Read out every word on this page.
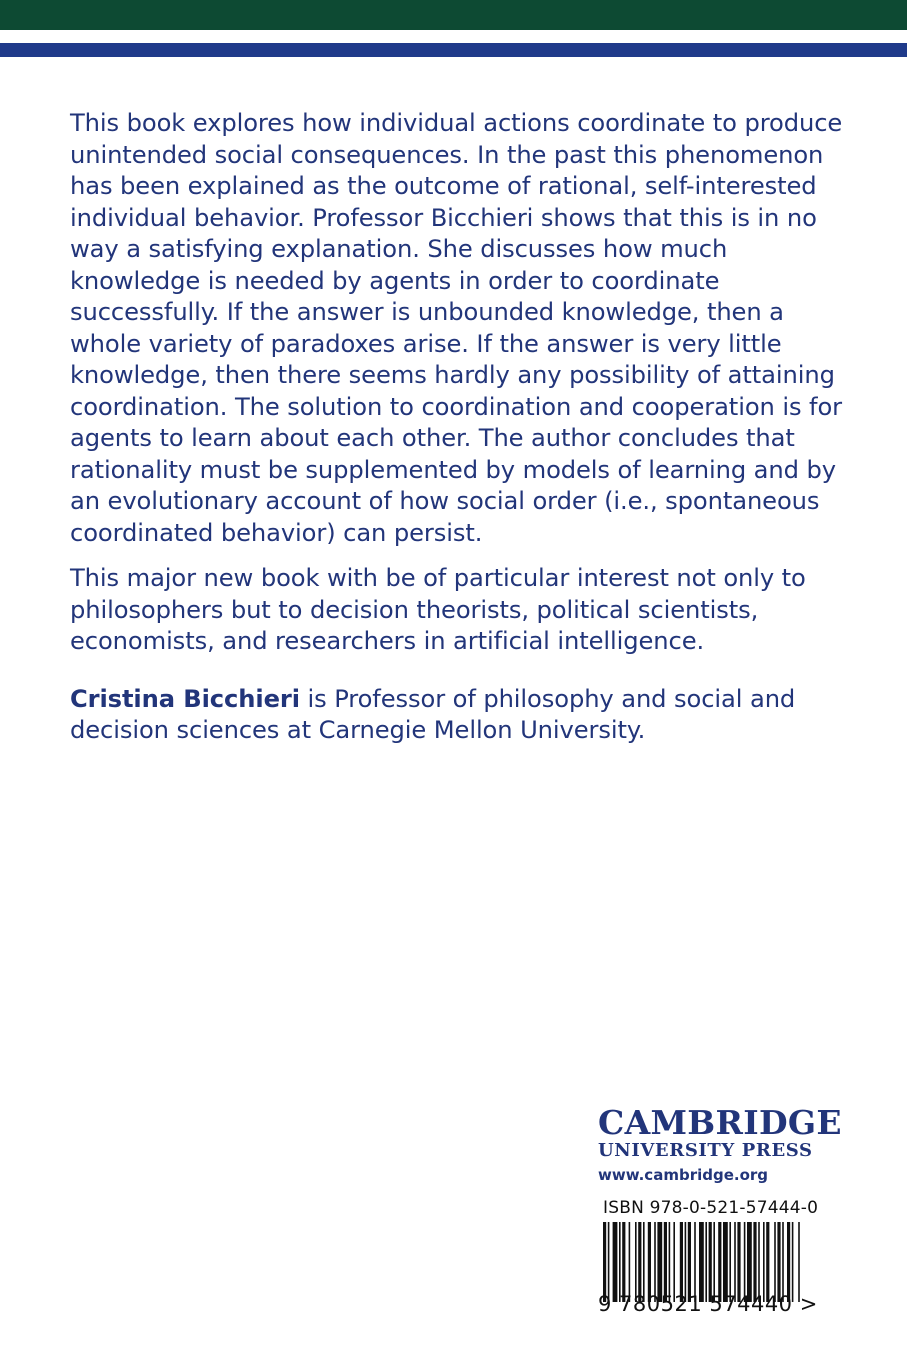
This book explores how individual actions coordinate to produce unintended social consequences. In the past this phenomenon has been explained as the outcome of rational, self-interested individual behavior. Professor Bicchieri shows that this is in no way a satisfying explanation. She discusses how much knowledge is needed by agents in order to coordinate successfully. If the answer is unbounded knowledge, then a whole variety of paradoxes arise. If the answer is very little knowledge, then there seems hardly any possibility of attaining coordination. The solution to coordination and cooperation is for agents to learn about each other. The author concludes that rationality must be supplemented by models of learning and by an evolutionary account of how social order (i.e., spontaneous coordinated behavior) can persist.

This major new book with be of particular interest not only to philosophers but to decision theorists, political scientists, economists, and researchers in artificial intelligence.

Cristina Bicchieri is Professor of philosophy and social and decision sciences at Carnegie Mellon University.

CAMBRIDGE
UNIVERSITY PRESS
www.cambridge.org
ISBN 978-0-521-57444-0
9 780521 574440 >
